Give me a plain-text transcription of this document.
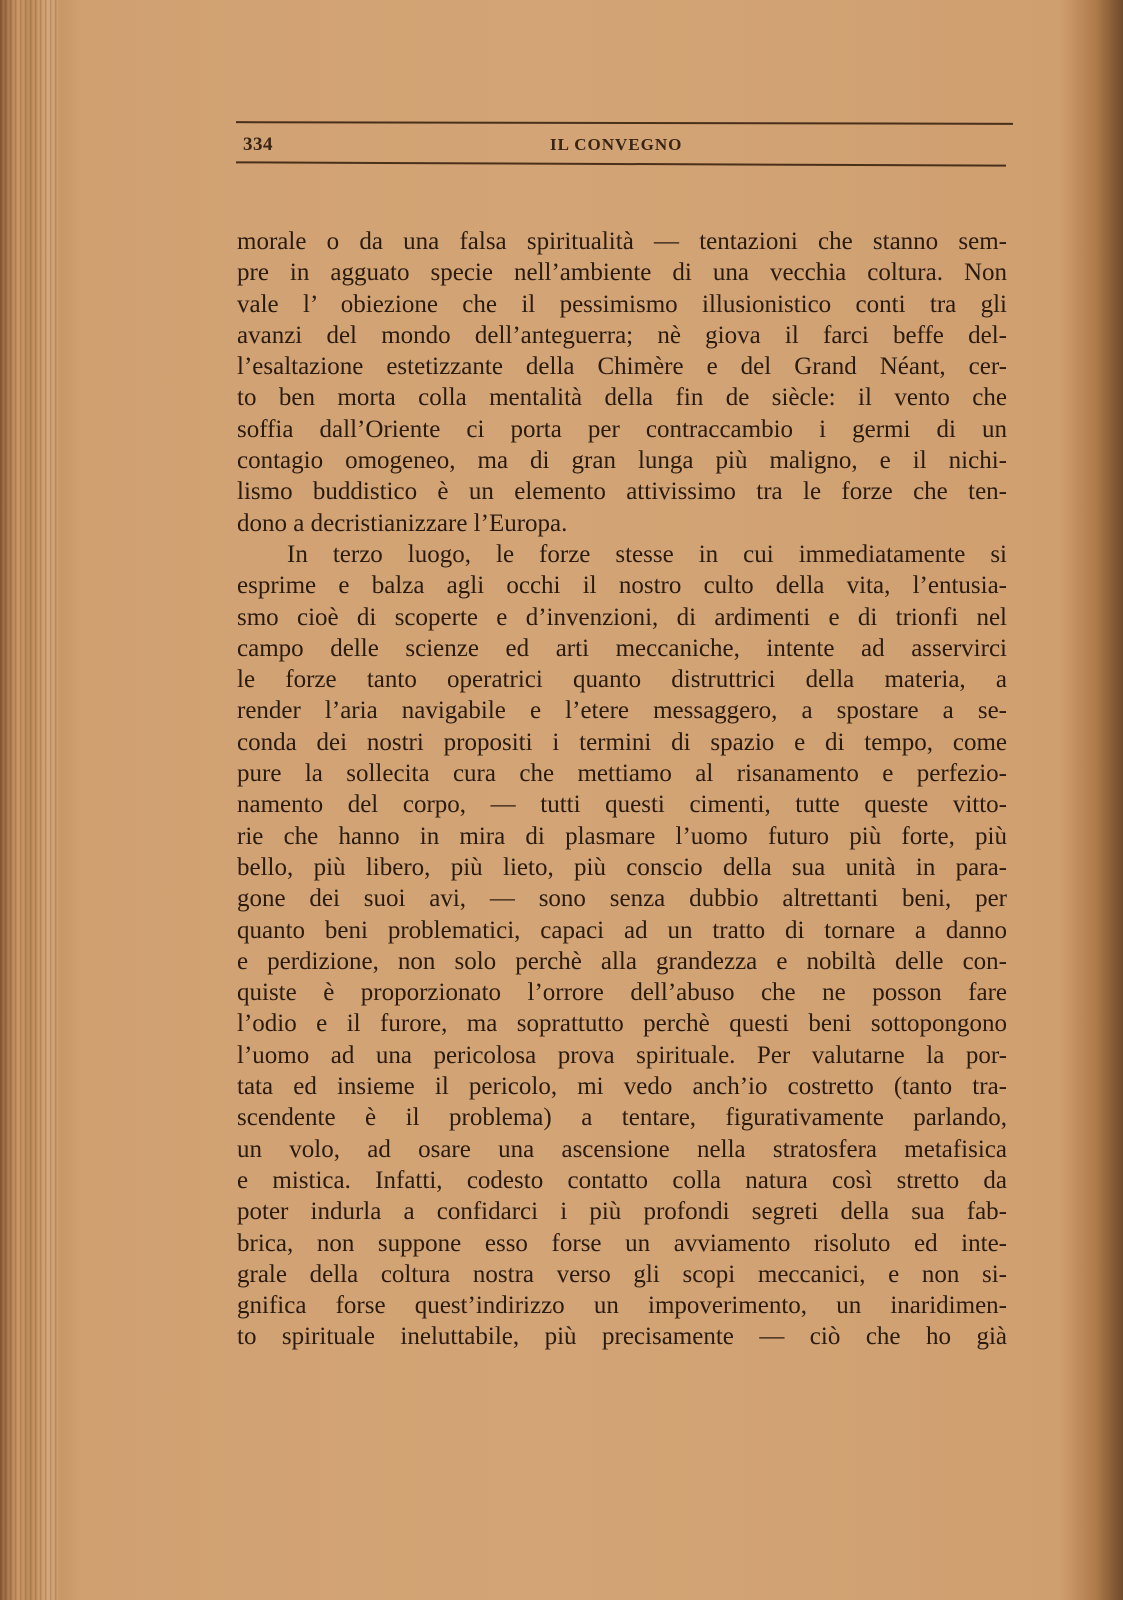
334	IL CONVEGNO
morale o da una falsa spiritualità — tentazioni che stanno sem-
pre in agguato specie nell’ambiente di una vecchia coltura. Non
vale l’ obiezione che il pessimismo illusionistico conti tra gli
avanzi del mondo dell’anteguerra; nè giova il farci beffe del-
l’esaltazione estetizzante della Chimère e del Grand Néant, cer-
to ben morta colla mentalità della fin de siècle: il vento che
soffia dall’Oriente ci porta per contraccambio i germi di un
contagio omogeneo, ma di gran lunga più maligno, e il nichi-
lismo buddistico è un elemento attivissimo tra le forze che ten-
dono a decristianizzare l’Europa.
In terzo luogo, le forze stesse in cui immediatamente si
esprime e balza agli occhi il nostro culto della vita, l’entusia-
smo cioè di scoperte e d’invenzioni, di ardimenti e di trionfi nel
campo delle scienze ed arti meccaniche, intente ad asservirci
le forze tanto operatrici quanto distruttrici della materia, a
render l’aria navigabile e l’etere messaggero, a spostare a se-
conda dei nostri propositi i termini di spazio e di tempo, come
pure la sollecita cura che mettiamo al risanamento e perfezio-
namento del corpo, — tutti questi cimenti, tutte queste vitto-
rie che hanno in mira di plasmare l’uomo futuro più forte, più
bello, più libero, più lieto, più conscio della sua unità in para-
gone dei suoi avi, — sono senza dubbio altrettanti beni, per
quanto beni problematici, capaci ad un tratto di tornare a danno
e perdizione, non solo perchè alla grandezza e nobiltà delle con-
quiste è proporzionato l’orrore dell’abuso che ne posson fare
l’odio e il furore, ma soprattutto perchè questi beni sottopongono
l’uomo ad una pericolosa prova spirituale. Per valutarne la por-
tata ed insieme il pericolo, mi vedo anch’io costretto (tanto tra-
scendente è il problema) a tentare, figurativamente parlando,
un volo, ad osare una ascensione nella stratosfera metafisica
e mistica. Infatti, codesto contatto colla natura così stretto da
poter indurla a confidarci i più profondi segreti della sua fab-
brica, non suppone esso forse un avviamento risoluto ed inte-
grale della coltura nostra verso gli scopi meccanici, e non si-
gnifica forse quest’indirizzo un impoverimento, un inaridimen-
to spirituale ineluttabile, più precisamente — ciò che ho già
